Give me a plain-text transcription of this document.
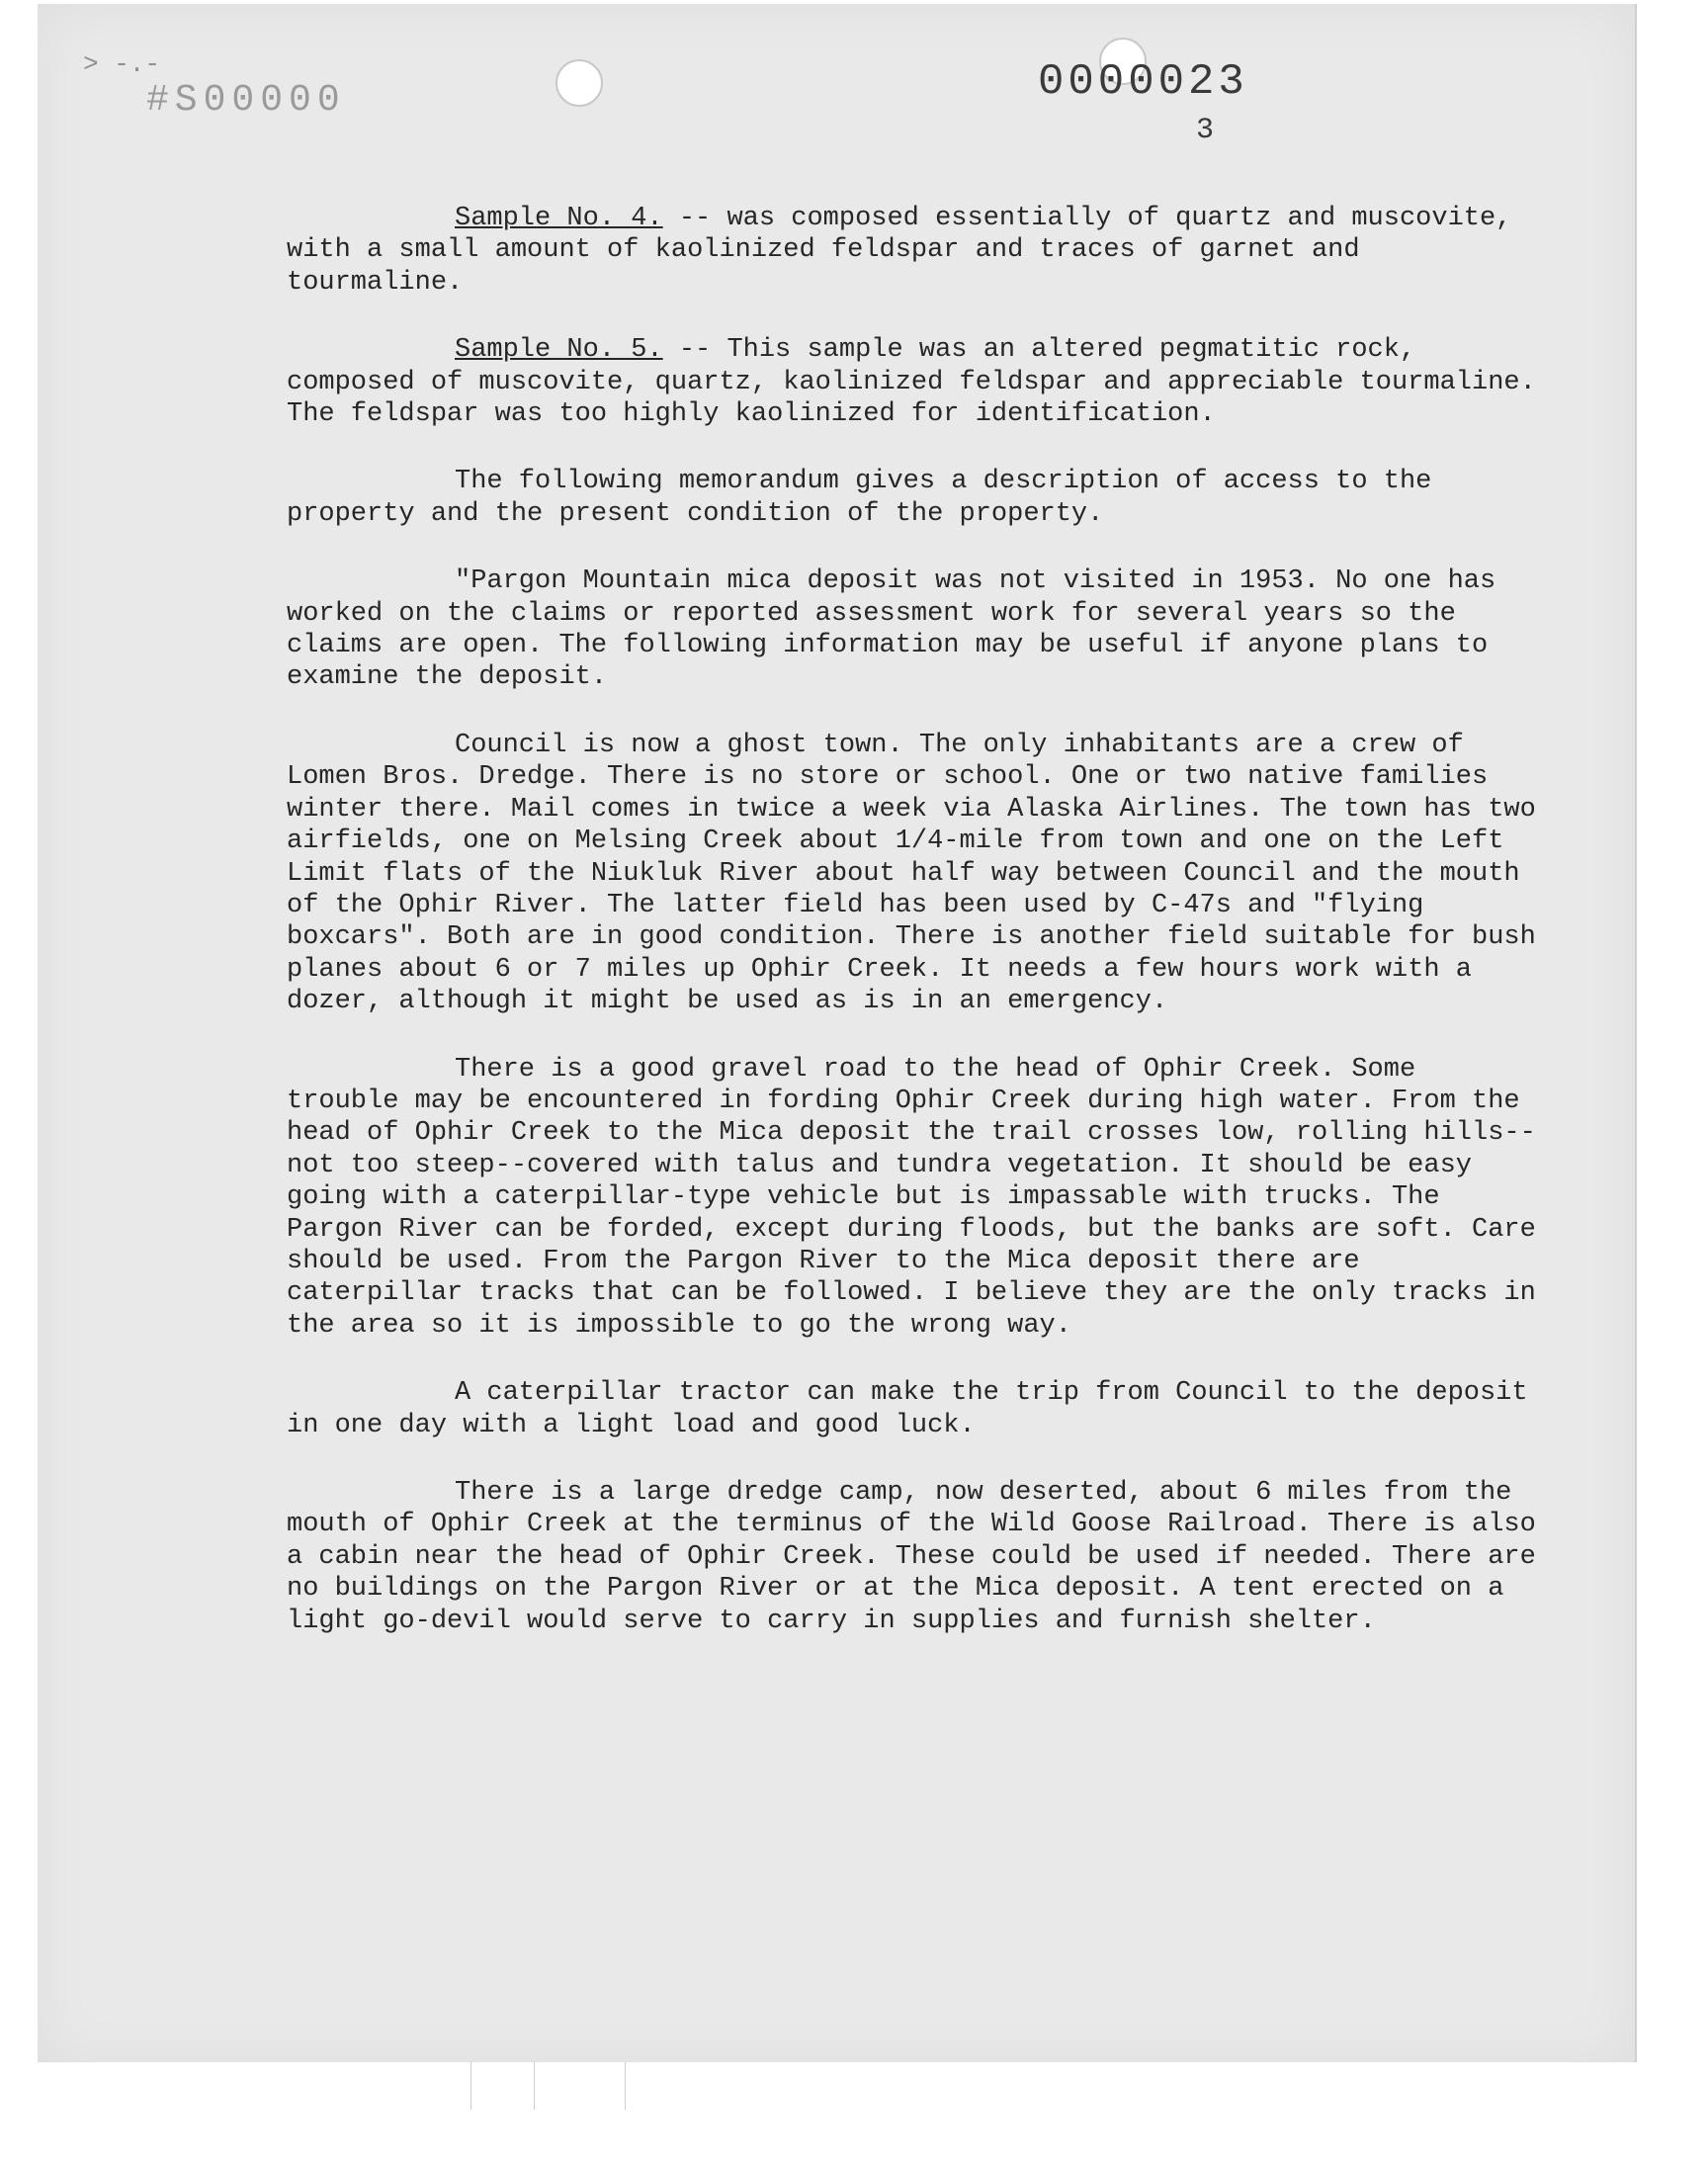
> -.-
#S00000	0000023
3

Sample No. 4. -- was composed essentially of quartz and muscovite, with a small amount of kaolinized feldspar and traces of garnet and tourmaline.

Sample No. 5. -- This sample was an altered pegmatitic rock, composed of muscovite, quartz, kaolinized feldspar and appreciable tourmaline. The feldspar was too highly kaolinized for identification.

The following memorandum gives a description of access to the property and the present condition of the property.

"Pargon Mountain mica deposit was not visited in 1953. No one has worked on the claims or reported assessment work for several years so the claims are open. The following information may be useful if anyone plans to examine the deposit.

Council is now a ghost town. The only inhabitants are a crew of Lomen Bros. Dredge. There is no store or school. One or two native families winter there. Mail comes in twice a week via Alaska Airlines. The town has two airfields, one on Melsing Creek about 1/4-mile from town and one on the Left Limit flats of the Niukluk River about half way between Council and the mouth of the Ophir River. The latter field has been used by C-47s and "flying boxcars". Both are in good condition. There is another field suitable for bush planes about 6 or 7 miles up Ophir Creek. It needs a few hours work with a dozer, although it might be used as is in an emergency.

There is a good gravel road to the head of Ophir Creek. Some trouble may be encountered in fording Ophir Creek during high water. From the head of Ophir Creek to the Mica deposit the trail crosses low, rolling hills--not too steep--covered with talus and tundra vegetation. It should be easy going with a caterpillar-type vehicle but is impassable with trucks. The Pargon River can be forded, except during floods, but the banks are soft. Care should be used. From the Pargon River to the Mica deposit there are caterpillar tracks that can be followed. I believe they are the only tracks in the area so it is impossible to go the wrong way.

A caterpillar tractor can make the trip from Council to the deposit in one day with a light load and good luck.

There is a large dredge camp, now deserted, about 6 miles from the mouth of Ophir Creek at the terminus of the Wild Goose Railroad. There is also a cabin near the head of Ophir Creek. These could be used if needed. There are no buildings on the Pargon River or at the Mica deposit. A tent erected on a light go-devil would serve to carry in supplies and furnish shelter.
